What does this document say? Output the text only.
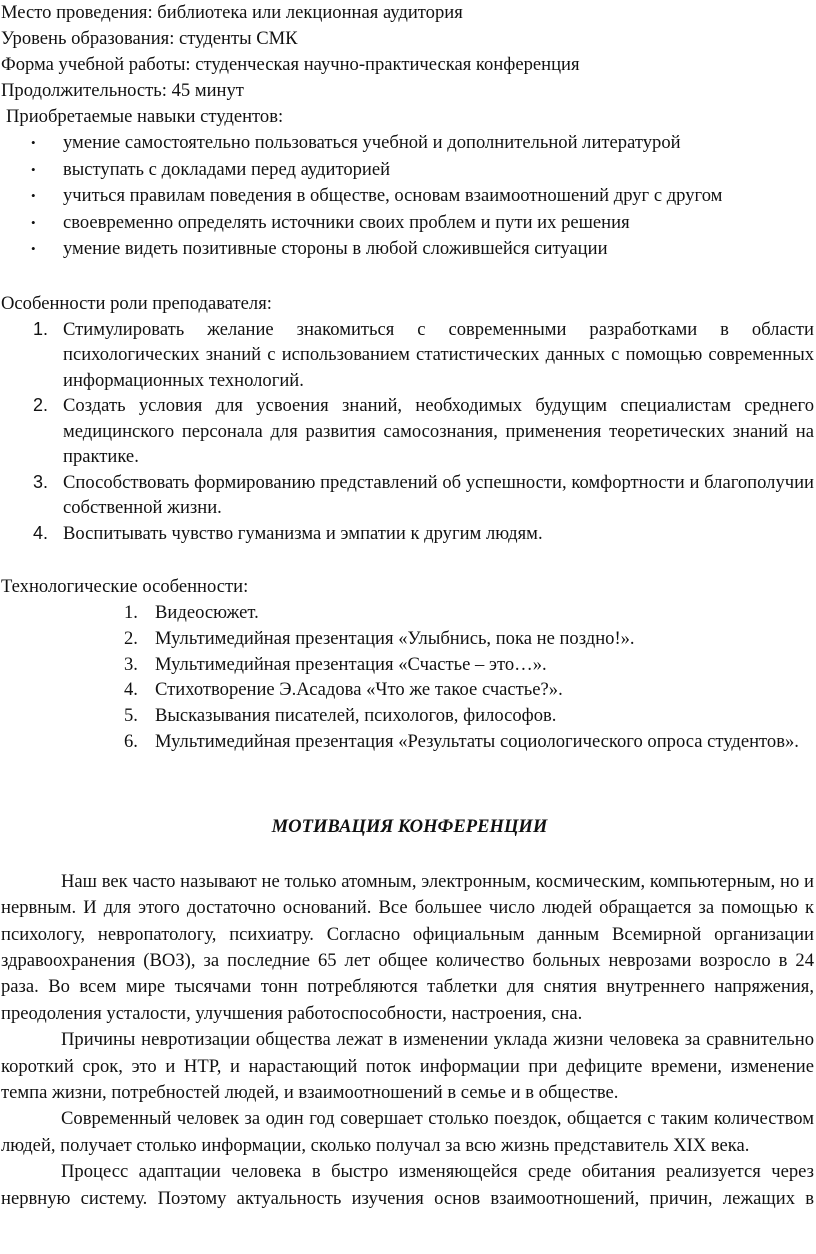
Место проведения: библиотека или лекционная аудитория

Уровень образования: студенты СМК

Форма учебной работы: студенческая научно-практическая конференция

Продолжительность: 45 минут

Приобретаемые навыки студентов:

• умение самостоятельно пользоваться учебной и дополнительной литературой
• выступать с докладами перед аудиторией
• учиться правилам поведения в обществе, основам взаимоотношений друг с другом
• своевременно определять источники своих проблем и пути их решения
• умение видеть позитивные стороны в любой сложившейся ситуации

Особенности роли преподавателя:

1. Стимулировать желание знакомиться с современными разработками в области психологических знаний с использованием статистических данных с помощью современных информационных технологий.
2. Создать условия для усвоения знаний, необходимых будущим специалистам среднего медицинского персонала для развития самосознания, применения теоретических знаний на практике.
3. Способствовать формированию представлений об успешности, комфортности и благополучии собственной жизни.
4. Воспитывать чувство гуманизма и эмпатии к другим людям.

Технологические особенности:

1. Видеосюжет.
2. Мультимедийная презентация «Улыбнись, пока не поздно!».
3. Мультимедийная презентация «Счастье – это…».
4. Стихотворение Э.Асадова «Что же такое счастье?».
5. Высказывания писателей, психологов, философов.
6. Мультимедийная презентация «Результаты социологического опроса студентов».

МОТИВАЦИЯ КОНФЕРЕНЦИИ

Наш век часто называют не только атомным, электронным, космическим, компьютерным, но и нервным. И для этого достаточно оснований. Все большее число людей обращается за помощью к психологу, невропатологу, психиатру. Согласно официальным данным Всемирной организации здравоохранения (ВОЗ), за последние 65 лет общее количество больных неврозами возросло в 24 раза. Во всем мире тысячами тонн потребляются таблетки для снятия внутреннего напряжения, преодоления усталости, улучшения работоспособности, настроения, сна.

Причины невротизации общества лежат в изменении уклада жизни человека за сравнительно короткий срок, это и НТР, и нарастающий поток информации при дефиците времени, изменение темпа жизни, потребностей людей, и взаимоотношений в семье и в обществе.

Современный человек за один год совершает столько поездок, общается с таким количеством людей, получает столько информации, сколько получал за всю жизнь представитель XIX века.

Процесс адаптации человека в быстро изменяющейся среде обитания реализуется через нервную систему. Поэтому актуальность изучения основ взаимоотношений, причин, лежащих в
